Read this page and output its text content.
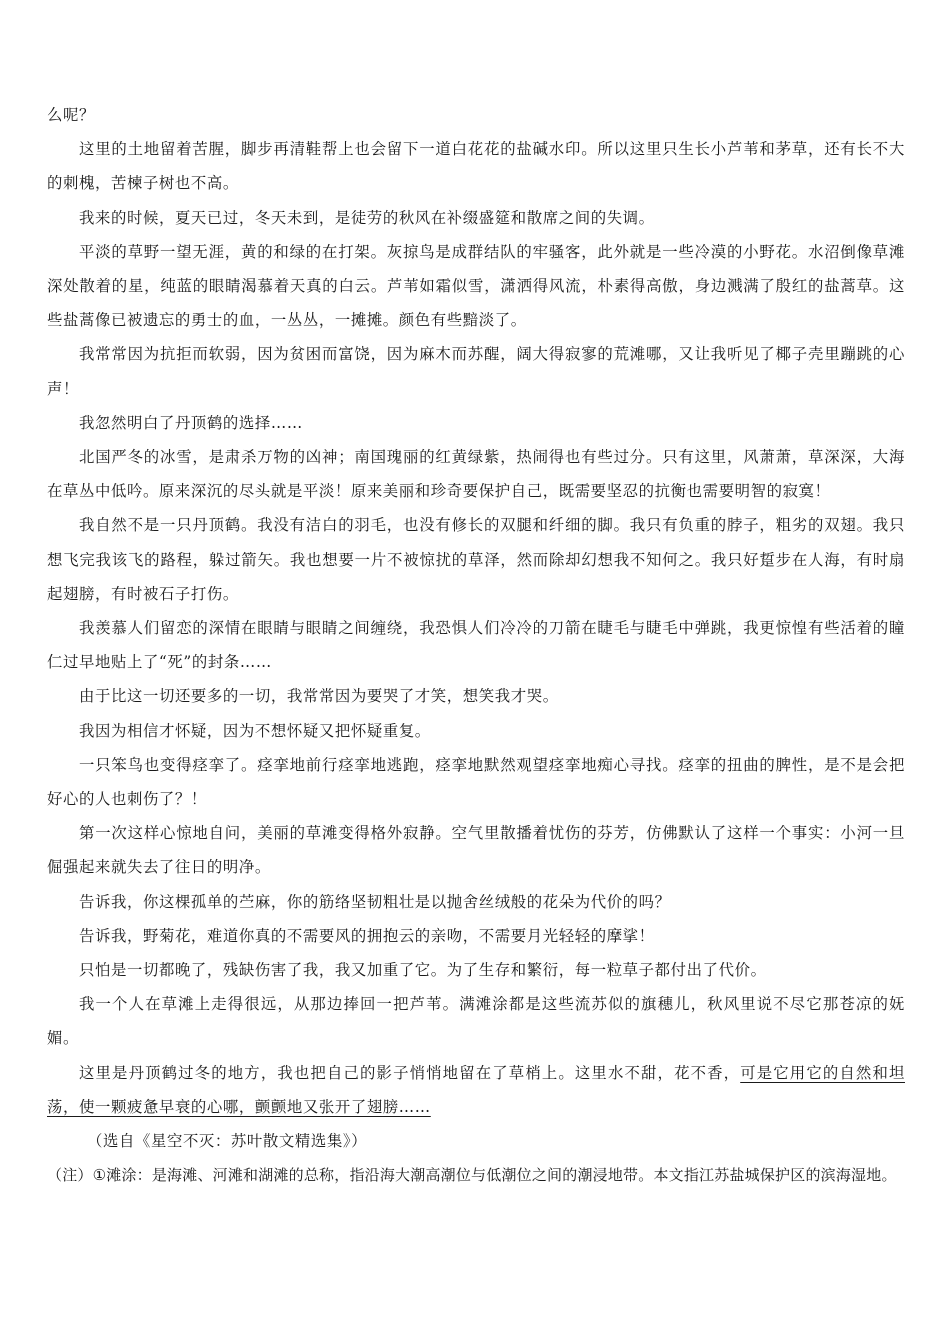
么呢？

这里的土地留着苦腥，脚步再清鞋帮上也会留下一道白花花的盐碱水印。所以这里只生长小芦苇和茅草，还有长不大的刺槐，苦楝子树也不高。

我来的时候，夏天已过，冬天未到，是徒劳的秋风在补缀盛筵和散席之间的失调。

平淡的草野一望无涯，黄的和绿的在打架。灰掠鸟是成群结队的牢骚客，此外就是一些冷漠的小野花。水沼倒像草滩深处散着的星，纯蓝的眼睛渴慕着天真的白云。芦苇如霜似雪，潇洒得风流，朴素得高傲，身边溅满了殷红的盐蒿草。这些盐蒿像已被遗忘的勇士的血，一丛丛，一摊摊。颜色有些黯淡了。

我常常因为抗拒而软弱，因为贫困而富饶，因为麻木而苏醒，阔大得寂寥的荒滩哪，又让我听见了椰子壳里蹦跳的心声！

我忽然明白了丹顶鹤的选择……

北国严冬的冰雪，是肃杀万物的凶神；南国瑰丽的红黄绿紫，热闹得也有些过分。只有这里，风萧萧，草深深，大海在草丛中低吟。原来深沉的尽头就是平淡！原来美丽和珍奇要保护自己，既需要坚忍的抗衡也需要明智的寂寞！

我自然不是一只丹顶鹤。我没有洁白的羽毛，也没有修长的双腿和纤细的脚。我只有负重的脖子，粗劣的双翅。我只想飞完我该飞的路程，躲过箭矢。我也想要一片不被惊扰的草泽，然而除却幻想我不知何之。我只好踅步在人海，有时扇起翅膀，有时被石子打伤。

我羡慕人们留恋的深情在眼睛与眼睛之间缠绕，我恐惧人们冷冷的刀箭在睫毛与睫毛中弹跳，我更惊惶有些活着的瞳仁过早地贴上了“死”的封条……

由于比这一切还要多的一切，我常常因为要哭了才笑，想笑我才哭。

我因为相信才怀疑，因为不想怀疑又把怀疑重复。

一只笨鸟也变得痉挛了。痉挛地前行痉挛地逃跑，痉挛地默然观望痉挛地痴心寻找。痉挛的扭曲的脾性，是不是会把好心的人也刺伤了？！

第一次这样心惊地自问，美丽的草滩变得格外寂静。空气里散播着忧伤的芬芳，仿佛默认了这样一个事实：小河一旦倔强起来就失去了往日的明净。

告诉我，你这棵孤单的苎麻，你的筋络坚韧粗壮是以抛舍丝绒般的花朵为代价的吗？

告诉我，野菊花，难道你真的不需要风的拥抱云的亲吻，不需要月光轻轻的摩挲！

只怕是一切都晚了，残缺伤害了我，我又加重了它。为了生存和繁衍，每一粒草子都付出了代价。

我一个人在草滩上走得很远，从那边捧回一把芦苇。满滩涂都是这些流苏似的旗穗儿，秋风里说不尽它那苍凉的妩媚。

这里是丹顶鹤过冬的地方，我也把自己的影子悄悄地留在了草梢上。这里水不甜，花不香，可是它用它的自然和坦荡，使一颗疲惫早衰的心哪，颤颤地又张开了翅膀……

（选自《星空不灭：苏叶散文精选集》）

（注）①滩涂：是海滩、河滩和湖滩的总称，指沿海大潮高潮位与低潮位之间的潮浸地带。本文指江苏盐城保护区的滨海湿地。
